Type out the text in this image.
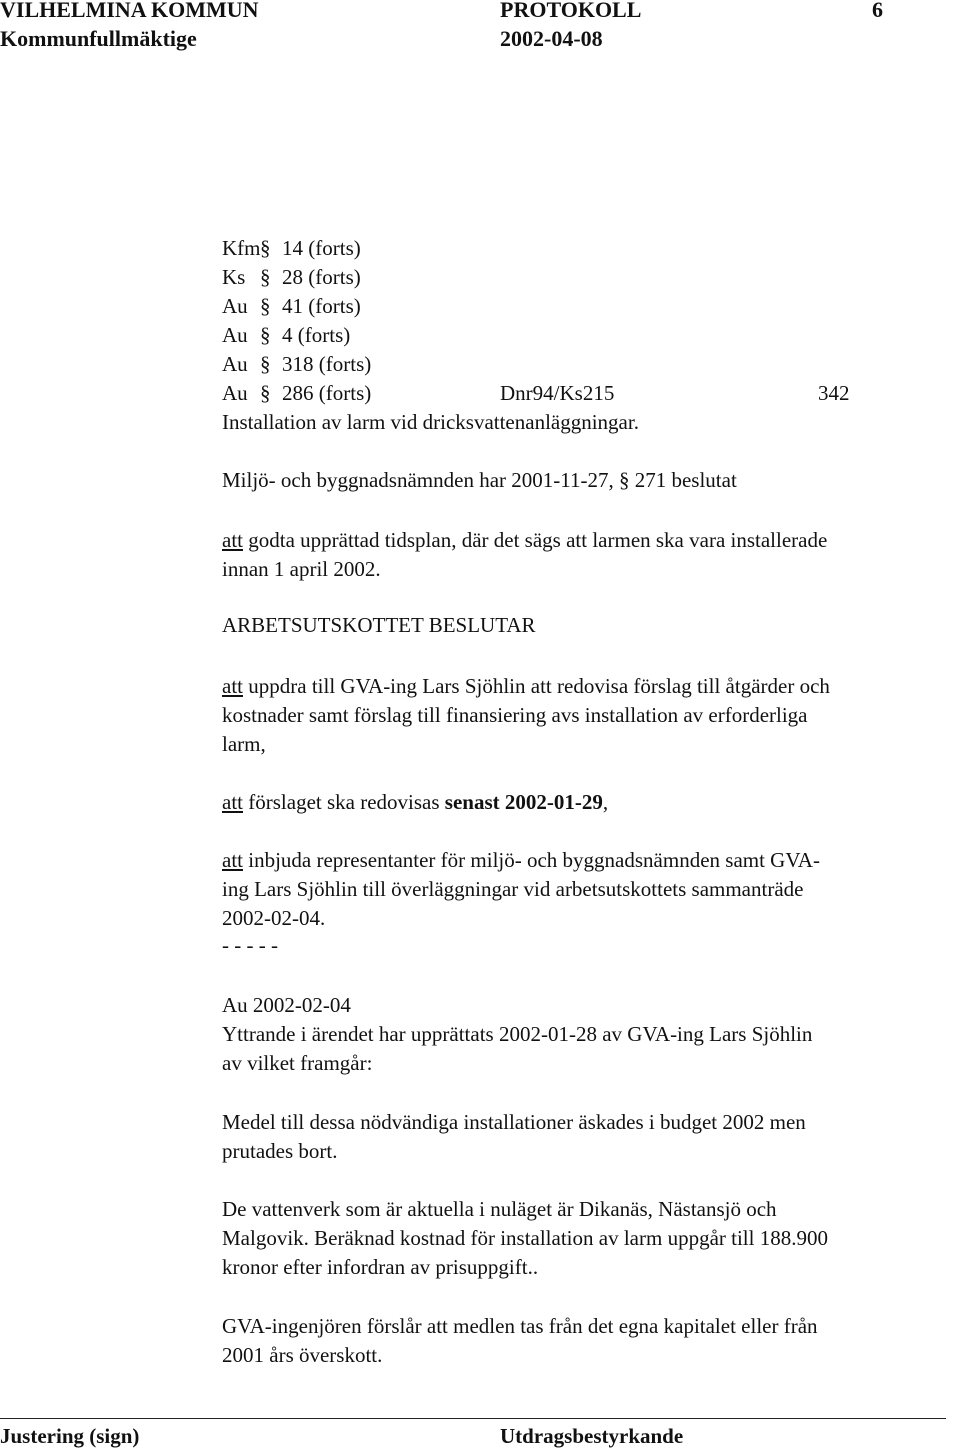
VILHELMINA KOMMUN	PROTOKOLL	6
Kommunfullmäktige	2002-04-08
Kfm§ 14 (forts)
Ks § 28 (forts)
Au § 41 (forts)
Au § 4 (forts)
Au § 318 (forts)
Au § 286 (forts)	Dnr94/Ks215	342
Installation av larm vid dricksvattenanläggningar.
Miljö- och byggnadsnämnden har 2001-11-27, § 271 beslutat
att godta upprättad tidsplan, där det sägs att larmen ska vara installerade
innan 1 april 2002.
ARBETSUTSKOTTET BESLUTAR
att uppdra till GVA-ing Lars Sjöhlin att redovisa förslag till åtgärder och
kostnader samt förslag till finansiering avs installation av erforderliga
larm,
att förslaget ska redovisas senast 2002-01-29,
att inbjuda representanter för miljö- och byggnadsnämnden samt GVA-
ing Lars Sjöhlin till överläggningar vid arbetsutskottets sammanträde
2002-02-04.
- - - - -
Au 2002-02-04
Yttrande i ärendet har upprättats 2002-01-28 av GVA-ing Lars Sjöhlin
av vilket framgår:
Medel till dessa nödvändiga installationer äskades i budget 2002 men
prutades bort.
De vattenverk som är aktuella i nuläget är Dikanäs, Nästansjö och
Malgovik. Beräknad kostnad för installation av larm uppgår till 188.900
kronor efter infordran av prisuppgift..
GVA-ingenjören förslår att medlen tas från det egna kapitalet eller från
2001 års överskott.
Justering (sign)	Utdragsbestyrkande
